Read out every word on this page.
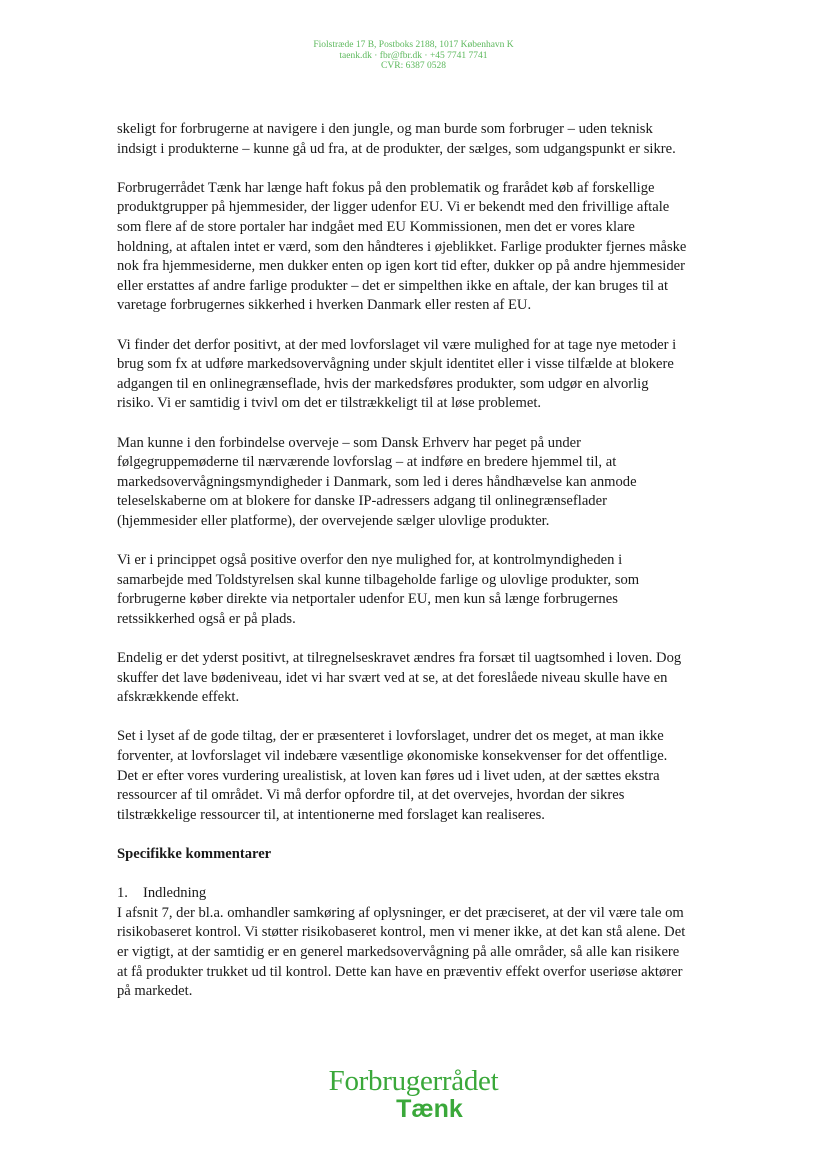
Fiolstræde 17 B, Postboks 2188, 1017 København K
taenk.dk · fbr@fbr.dk · +45 7741 7741
CVR: 6387 0528

skeligt for forbrugerne at navigere i den jungle, og man burde som forbruger – uden teknisk indsigt i produkterne – kunne gå ud fra, at de produkter, der sælges, som udgangspunkt er sikre.

Forbrugerrådet Tænk har længe haft fokus på den problematik og frarådet køb af forskellige produktgrupper på hjemmesider, der ligger udenfor EU. Vi er bekendt med den frivillige aftale som flere af de store portaler har indgået med EU Kommissionen, men det er vores klare holdning, at aftalen intet er værd, som den håndteres i øjeblikket. Farlige produkter fjernes måske nok fra hjemmesiderne, men dukker enten op igen kort tid efter, dukker op på andre hjemmesider eller erstattes af andre farlige produkter – det er simpelthen ikke en aftale, der kan bruges til at varetage forbrugernes sikkerhed i hverken Danmark eller resten af EU.

Vi finder det derfor positivt, at der med lovforslaget vil være mulighed for at tage nye metoder i brug som fx at udføre markedsovervågning under skjult identitet eller i visse tilfælde at blokere adgangen til en onlinegrænseflade, hvis der markedsføres produkter, som udgør en alvorlig risiko. Vi er samtidig i tvivl om det er tilstrækkeligt til at løse problemet.

Man kunne i den forbindelse overveje – som Dansk Erhverv har peget på under følgegruppemøderne til nærværende lovforslag – at indføre en bredere hjemmel til, at markedsovervågningsmyndigheder i Danmark, som led i deres håndhævelse kan anmode teleselskaberne om at blokere for danske IP-adressers adgang til onlinegrænseflader (hjemmesider eller platforme), der overvejende sælger ulovlige produkter.

Vi er i princippet også positive overfor den nye mulighed for, at kontrolmyndigheden i samarbejde med Toldstyrelsen skal kunne tilbageholde farlige og ulovlige produkter, som forbrugerne køber direkte via netportaler udenfor EU, men kun så længe forbrugernes retssikkerhed også er på plads.

Endelig er det yderst positivt, at tilregnelseskravet ændres fra forsæt til uagtsomhed i loven. Dog skuffer det lave bødeniveau, idet vi har svært ved at se, at det foreslåede niveau skulle have en afskrækkende effekt.

Set i lyset af de gode tiltag, der er præsenteret i lovforslaget, undrer det os meget, at man ikke forventer, at lovforslaget vil indebære væsentlige økonomiske konsekvenser for det offentlige. Det er efter vores vurdering urealistisk, at loven kan føres ud i livet uden, at der sættes ekstra ressourcer af til området. Vi må derfor opfordre til, at det overvejes, hvordan der sikres tilstrækkelige ressourcer til, at intentionerne med forslaget kan realiseres.

Specifikke kommentarer
1.	Indledning

I afsnit 7, der bl.a. omhandler samkøring af oplysninger, er det præciseret, at der vil være tale om risikobaseret kontrol. Vi støtter risikobaseret kontrol, men vi mener ikke, at det kan stå alene. Det er vigtigt, at der samtidig er en generel markedsovervågning på alle områder, så alle kan risikere at få produkter trukket ud til kontrol. Dette kan have en præventiv effekt overfor useriøse aktører på markedet.

Forbrugerrådet
Tænk
